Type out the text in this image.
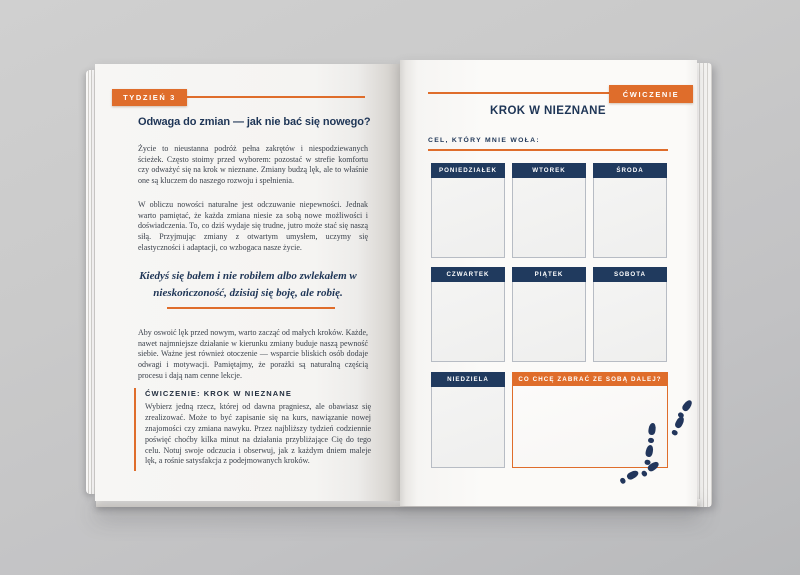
TYDZIEŃ 3
Odwaga do zmian — jak nie bać się nowego?

Życie to nieustanna podróż pełna zakrętów i niespodziewanych ścieżek. Często stoimy przed wyborem: pozostać w strefie komfortu czy odważyć się na krok w nieznane. Zmiany budzą lęk, ale to właśnie one są kluczem do naszego rozwoju i spełnienia.

W obliczu nowości naturalne jest odczuwanie niepewności. Jednak warto pamiętać, że każda zmiana niesie za sobą nowe możliwości i doświadczenia. To, co dziś wydaje się trudne, jutro może stać się naszą siłą. Przyjmując zmiany z otwartym umysłem, uczymy się elastyczności i adaptacji, co wzbogaca nasze życie.

Kiedyś się bałem i nie robiłem albo zwlekałem w nieskończoność, dzisiaj się boję, ale robię.

Aby oswoić lęk przed nowym, warto zacząć od małych kroków. Każde, nawet najmniejsze działanie w kierunku zmiany buduje naszą pewność siebie. Ważne jest również otoczenie — wsparcie bliskich osób dodaje odwagi i motywacji. Pamiętajmy, że porażki są naturalną częścią procesu i dają nam cenne lekcje.

ĆWICZENIE: KROK W NIEZNANE

Wybierz jedną rzecz, której od dawna pragniesz, ale obawiasz się zrealizować. Może to być zapisanie się na kurs, nawiązanie nowej znajomości czy zmiana nawyku. Przez najbliższy tydzień codziennie poświęć choćby kilka minut na działania przybliżające Cię do tego celu. Notuj swoje odczucia i obserwuj, jak z każdym dniem maleje lęk, a rośnie satysfakcja z podejmowanych kroków.

ĆWICZENIE
KROK W NIEZNANE
CEL, KTÓRY MNIE WOŁA:
PONIEDZIAŁEK	WTOREK	ŚRODA
CZWARTEK	PIĄTEK	SOBOTA
NIEDZIELA	CO CHCĘ ZABRAĆ ZE SOBĄ DALEJ?
